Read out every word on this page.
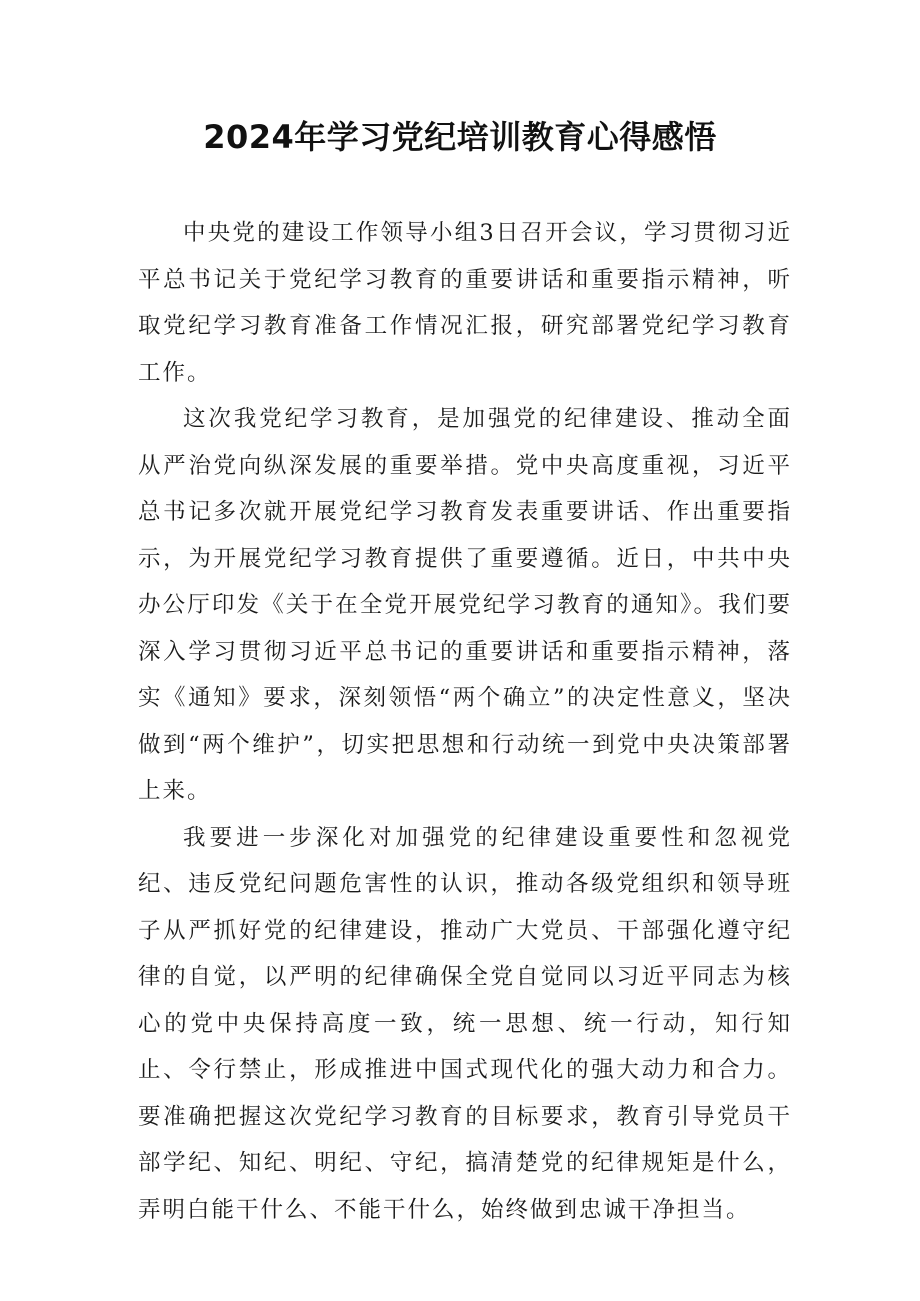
2024年学习党纪培训教育心得感悟

中央党的建设工作领导小组3日召开会议，学习贯彻习近平总书记关于党纪学习教育的重要讲话和重要指示精神，听取党纪学习教育准备工作情况汇报，研究部署党纪学习教育工作。

这次我党纪学习教育，是加强党的纪律建设、推动全面从严治党向纵深发展的重要举措。党中央高度重视，习近平总书记多次就开展党纪学习教育发表重要讲话、作出重要指示，为开展党纪学习教育提供了重要遵循。近日，中共中央办公厅印发《关于在全党开展党纪学习教育的通知》。我们要深入学习贯彻习近平总书记的重要讲话和重要指示精神，落实《通知》要求，深刻领悟“两个确立”的决定性意义，坚决做到“两个维护”，切实把思想和行动统一到党中央决策部署上来。

我要进一步深化对加强党的纪律建设重要性和忽视党纪、违反党纪问题危害性的认识，推动各级党组织和领导班子从严抓好党的纪律建设，推动广大党员、干部强化遵守纪律的自觉，以严明的纪律确保全党自觉同以习近平同志为核心的党中央保持高度一致，统一思想、统一行动，知行知止、令行禁止，形成推进中国式现代化的强大动力和合力。要准确把握这次党纪学习教育的目标要求，教育引导党员干部学纪、知纪、明纪、守纪，搞清楚党的纪律规矩是什么，弄明白能干什么、不能干什么，始终做到忠诚干净担当。
